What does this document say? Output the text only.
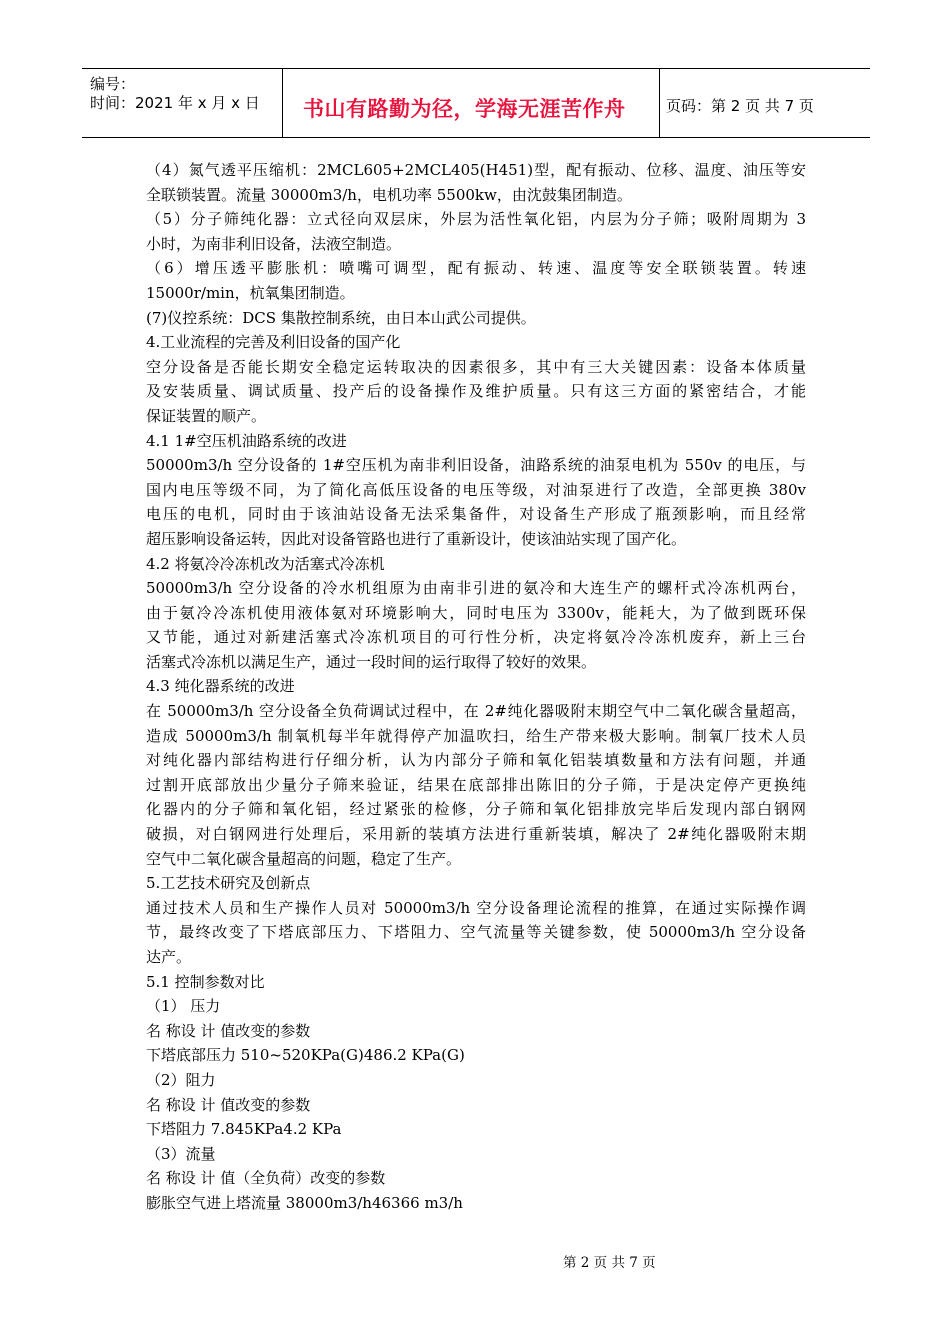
编号：
时间：2021 年 x 月 x 日 书山有路勤为径，学海无涯苦作舟	页码：第 2 页 共 7 页
（4）氮气透平压缩机：2MCL605+2MCL405(H451)型，配有振动、位移、温度、油压等安
全联锁装置。流量 30000m3/h，电机功率 5500kw，由沈鼓集团制造。
（5）分子筛纯化器：立式径向双层床，外层为活性氧化铝，内层为分子筛；吸附周期为 3
小时，为南非利旧设备，法液空制造。
（6）增压透平膨胀机：喷嘴可调型，配有振动、转速、温度等安全联锁装置。转速
15000r/min，杭氧集团制造。
(7)仪控系统：DCS 集散控制系统，由日本山武公司提供。
4.工业流程的完善及利旧设备的国产化
空分设备是否能长期安全稳定运转取决的因素很多，其中有三大关键因素：设备本体质量
及安装质量、调试质量、投产后的设备操作及维护质量。只有这三方面的紧密结合，才能
保证装置的顺产。
4.1 1#空压机油路系统的改进
50000m3/h 空分设备的 1#空压机为南非利旧设备，油路系统的油泵电机为 550v 的电压，与
国内电压等级不同，为了简化高低压设备的电压等级，对油泵进行了改造，全部更换 380v
电压的电机，同时由于该油站设备无法采集备件，对设备生产形成了瓶颈影响，而且经常
超压影响设备运转，因此对设备管路也进行了重新设计，使该油站实现了国产化。
4.2 将氨冷冷冻机改为活塞式冷冻机
50000m3/h 空分设备的冷水机组原为由南非引进的氨冷和大连生产的螺杆式冷冻机两台，
由于氨冷冷冻机使用液体氨对环境影响大，同时电压为 3300v，能耗大，为了做到既环保
又节能，通过对新建活塞式冷冻机项目的可行性分析，决定将氨冷冷冻机废弃，新上三台
活塞式冷冻机以满足生产，通过一段时间的运行取得了较好的效果。
4.3 纯化器系统的改进
在 50000m3/h 空分设备全负荷调试过程中，在 2#纯化器吸附末期空气中二氧化碳含量超高，
造成 50000m3/h 制氧机每半年就得停产加温吹扫，给生产带来极大影响。制氧厂技术人员
对纯化器内部结构进行仔细分析，认为内部分子筛和氧化铝装填数量和方法有问题，并通
过割开底部放出少量分子筛来验证，结果在底部排出陈旧的分子筛，于是决定停产更换纯
化器内的分子筛和氧化铝，经过紧张的检修，分子筛和氧化铝排放完毕后发现内部白钢网
破损，对白钢网进行处理后，采用新的装填方法进行重新装填，解决了 2#纯化器吸附末期
空气中二氧化碳含量超高的问题，稳定了生产。
5.工艺技术研究及创新点
通过技术人员和生产操作人员对 50000m3/h 空分设备理论流程的推算，在通过实际操作调
节，最终改变了下塔底部压力、下塔阻力、空气流量等关键参数，使 50000m3/h 空分设备
达产。
5.1 控制参数对比
（1） 压力
名 称设 计 值改变的参数
下塔底部压力 510~520KPa(G)486.2 KPa(G)
（2）阻力
名 称设 计 值改变的参数
下塔阻力 7.845KPa4.2 KPa
（3）流量
名 称设 计 值（全负荷）改变的参数
膨胀空气进上塔流量 38000m3/h46366 m3/h
第 2 页 共 7 页
